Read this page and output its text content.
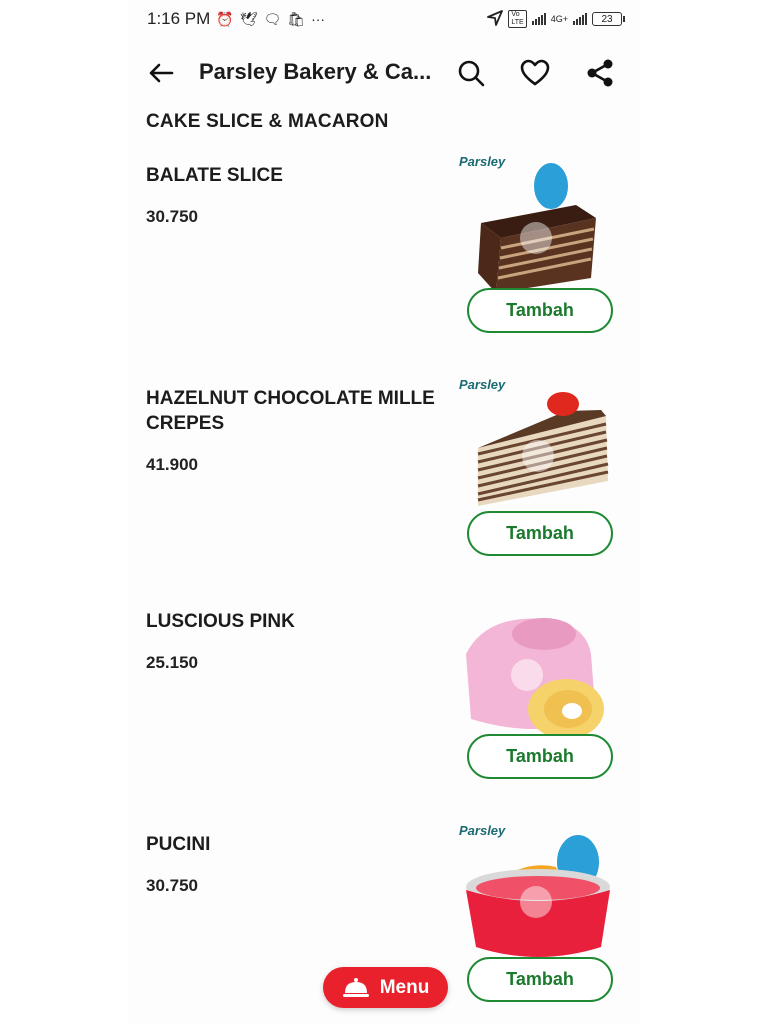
1:16 PM ⏰ 🕊 🗨 🛍 ···	Vo
LTE	4G+	23
Parsley Bakery & Ca...
CAKE SLICE & MACARON
BALATE SLICE
30.750
Parsley
Tambah
HAZELNUT CHOCOLATE MILLE CREPES
41.900
Parsley
Tambah
LUSCIOUS PINK
25.150
Tambah
PUCINI
30.750
Parsley
Tambah
Menu
